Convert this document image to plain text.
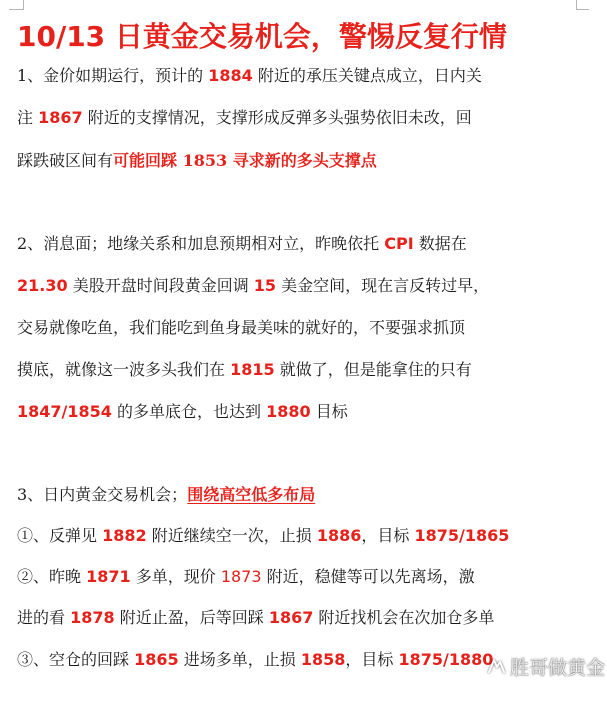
10/13 日黄金交易机会，警惕反复行情
1、金价如期运行，预计的 1884 附近的承压关键点成立，日内关
注 1867 附近的支撑情况，支撑形成反弹多头强势依旧未改，回
踩跌破区间有可能回踩 1853 寻求新的多头支撑点
2、消息面；地缘关系和加息预期相对立，昨晚依托 CPI 数据在
21.30 美股开盘时间段黄金回调 15 美金空间，现在言反转过早，
交易就像吃鱼，我们能吃到鱼身最美味的就好的，不要强求抓顶
摸底，就像这一波多头我们在 1815 就做了，但是能拿住的只有
1847/1854 的多单底仓，也达到 1880 目标
3、日内黄金交易机会；围绕高空低多布局
①、反弹见 1882 附近继续空一次，止损 1886，目标 1875/1865
②、昨晚 1871 多单，现价 1873 附近，稳健等可以先离场，激
进的看 1878 附近止盈，后等回踩 1867 附近找机会在次加仓多单
③、空仓的回踩 1865 进场多单，止损 1858，目标 1875/1880 胜哥做黄金
